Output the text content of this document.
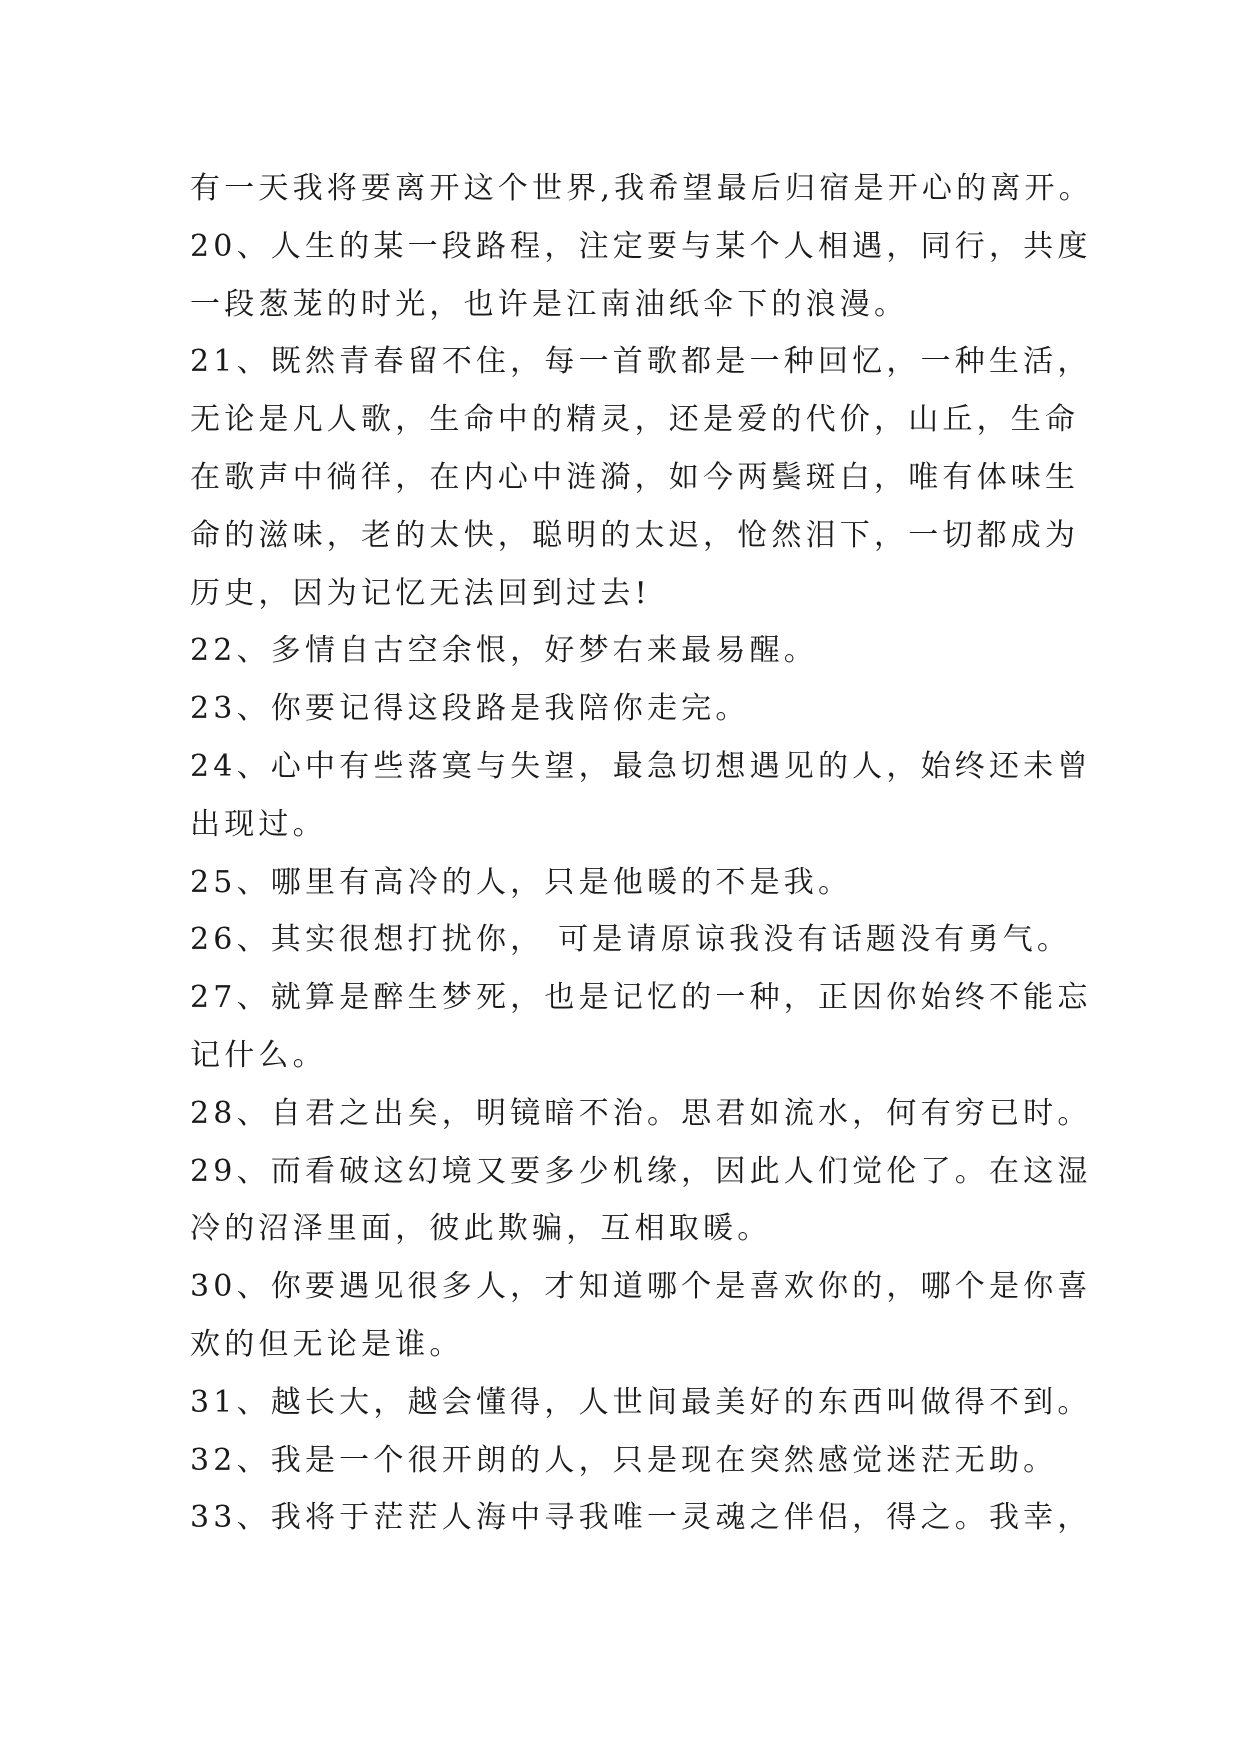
有一天我将要离开这个世界,我希望最后归宿是开心的离开。
20、人生的某一段路程，注定要与某个人相遇，同行，共度
一段葱茏的时光，也许是江南油纸伞下的浪漫。
21、既然青春留不住，每一首歌都是一种回忆，一种生活，
无论是凡人歌，生命中的精灵，还是爱的代价，山丘，生命
在歌声中徜徉，在内心中涟漪，如今两鬓斑白，唯有体味生
命的滋味，老的太快，聪明的太迟，怆然泪下，一切都成为
历史，因为记忆无法回到过去!
22、多情自古空余恨，好梦右来最易醒。
23、你要记得这段路是我陪你走完。
24、心中有些落寞与失望，最急切想遇见的人，始终还未曾
出现过。
25、哪里有高冷的人，只是他暖的不是我。
26、其实很想打扰你， 可是请原谅我没有话题没有勇气。
27、就算是醉生梦死，也是记忆的一种，正因你始终不能忘
记什么。
28、自君之出矣，明镜暗不治。思君如流水，何有穷已时。
29、而看破这幻境又要多少机缘，因此人们觉伦了。在这湿
冷的沼泽里面，彼此欺骗，互相取暖。
30、你要遇见很多人，才知道哪个是喜欢你的，哪个是你喜
欢的但无论是谁。
31、越长大，越会懂得，人世间最美好的东西叫做得不到。
32、我是一个很开朗的人，只是现在突然感觉迷茫无助。
33、我将于茫茫人海中寻我唯一灵魂之伴侣，得之。我幸，
